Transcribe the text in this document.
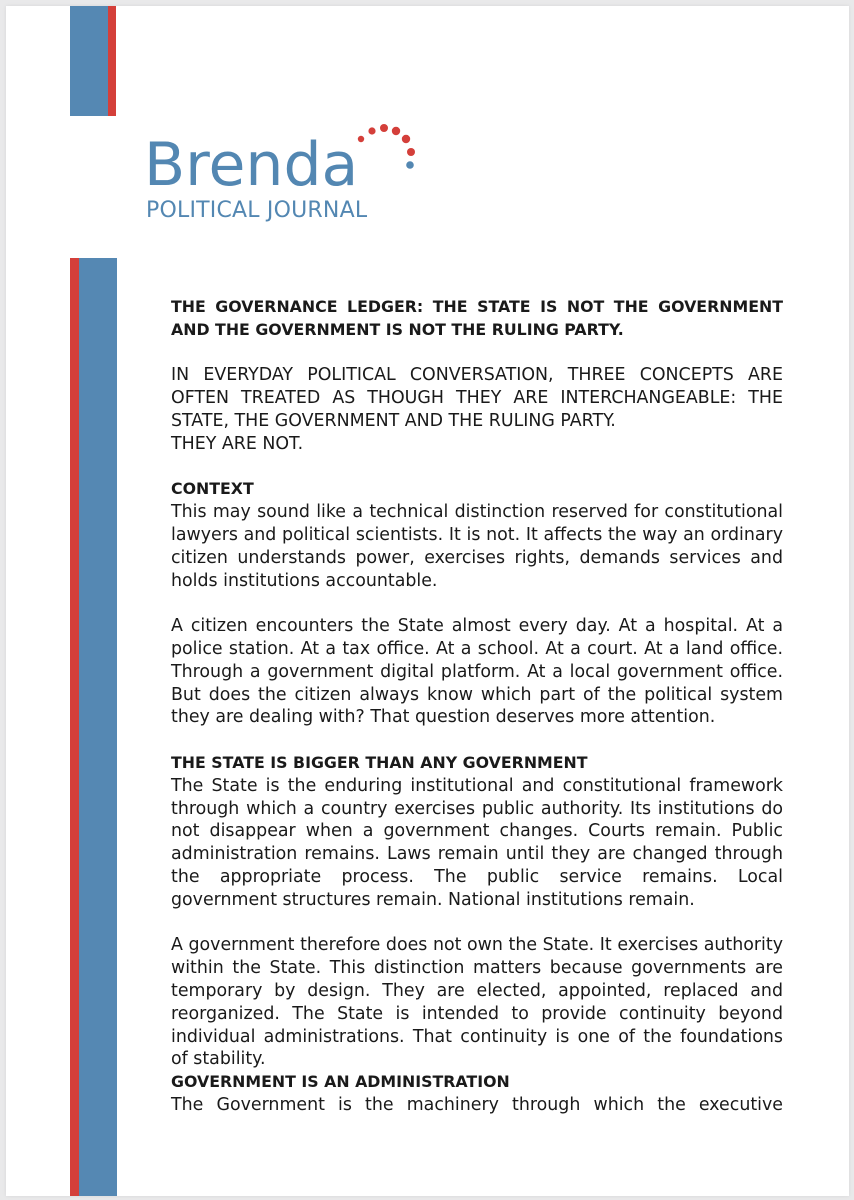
Brenda
POLITICAL JOURNAL

THE GOVERNANCE LEDGER: THE STATE IS NOT THE GOVERNMENT AND THE GOVERNMENT IS NOT THE RULING PARTY.

IN EVERYDAY POLITICAL CONVERSATION, THREE CONCEPTS ARE OFTEN TREATED AS THOUGH THEY ARE INTERCHANGEABLE: THE STATE, THE GOVERNMENT AND THE RULING PARTY.

THEY ARE NOT.

CONTEXT

This may sound like a technical distinction reserved for constitutional lawyers and political scientists. It is not. It affects the way an ordinary citizen understands power, exercises rights, demands services and holds institutions accountable.

A citizen encounters the State almost every day. At a hospital. At a police station. At a tax office. At a school. At a court. At a land office. Through a government digital platform. At a local government office. But does the citizen always know which part of the political system they are dealing with? That question deserves more attention.

THE STATE IS BIGGER THAN ANY GOVERNMENT

The State is the enduring institutional and constitutional framework through which a country exercises public authority. Its institutions do not disappear when a government changes. Courts remain. Public administration remains. Laws remain until they are changed through the appropriate process. The public service remains. Local government structures remain. National institutions remain.

A government therefore does not own the State. It exercises authority within the State. This distinction matters because governments are temporary by design. They are elected, appointed, replaced and reorganized. The State is intended to provide continuity beyond individual administrations. That continuity is one of the foundations of stability.

GOVERNMENT IS AN ADMINISTRATION

The Government is the machinery through which the executive
